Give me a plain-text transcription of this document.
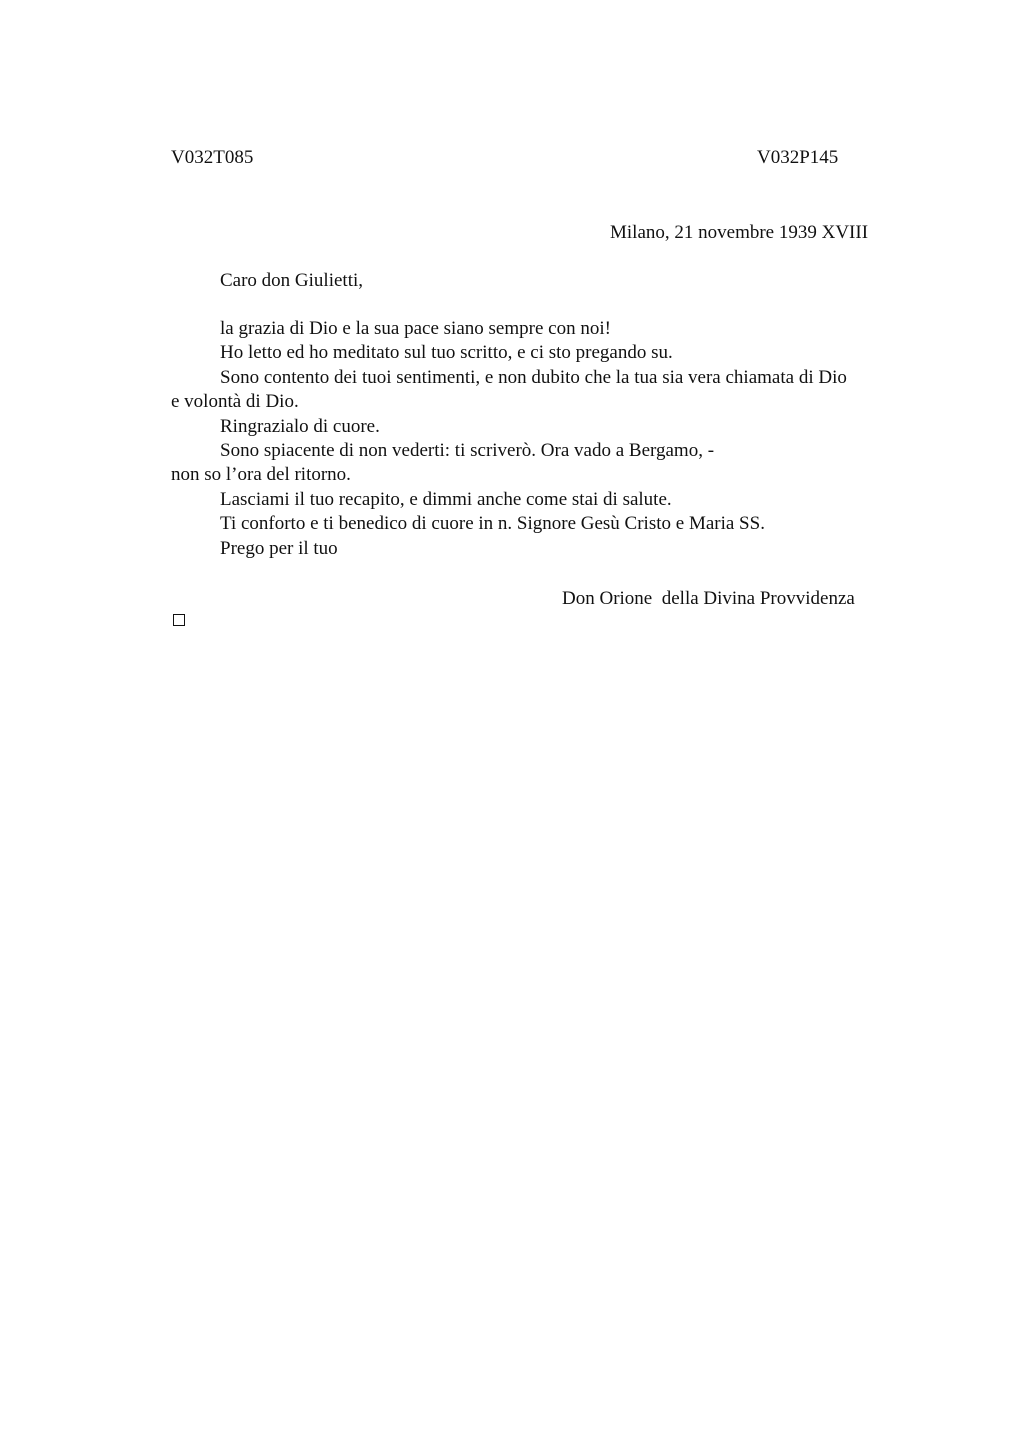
V032T085	V032P145
Milano, 21 novembre 1939 XVIII
Caro don Giulietti,
la grazia di Dio e la sua pace siano sempre con noi!
Ho letto ed ho meditato sul tuo scritto, e ci sto pregando su.
Sono contento dei tuoi sentimenti, e non dubito che la tua sia vera chiamata di Dio
e volontà di Dio.
Ringrazialo di cuore.
Sono spiacente di non vederti: ti scriverò. Ora vado a Bergamo, -
non so l’ora del ritorno.
Lasciami il tuo recapito, e dimmi anche come stai di salute.
Ti conforto e ti benedico di cuore in n. Signore Gesù Cristo e Maria SS.
Prego per il tuo
Don Orione  della Divina Provvidenza
